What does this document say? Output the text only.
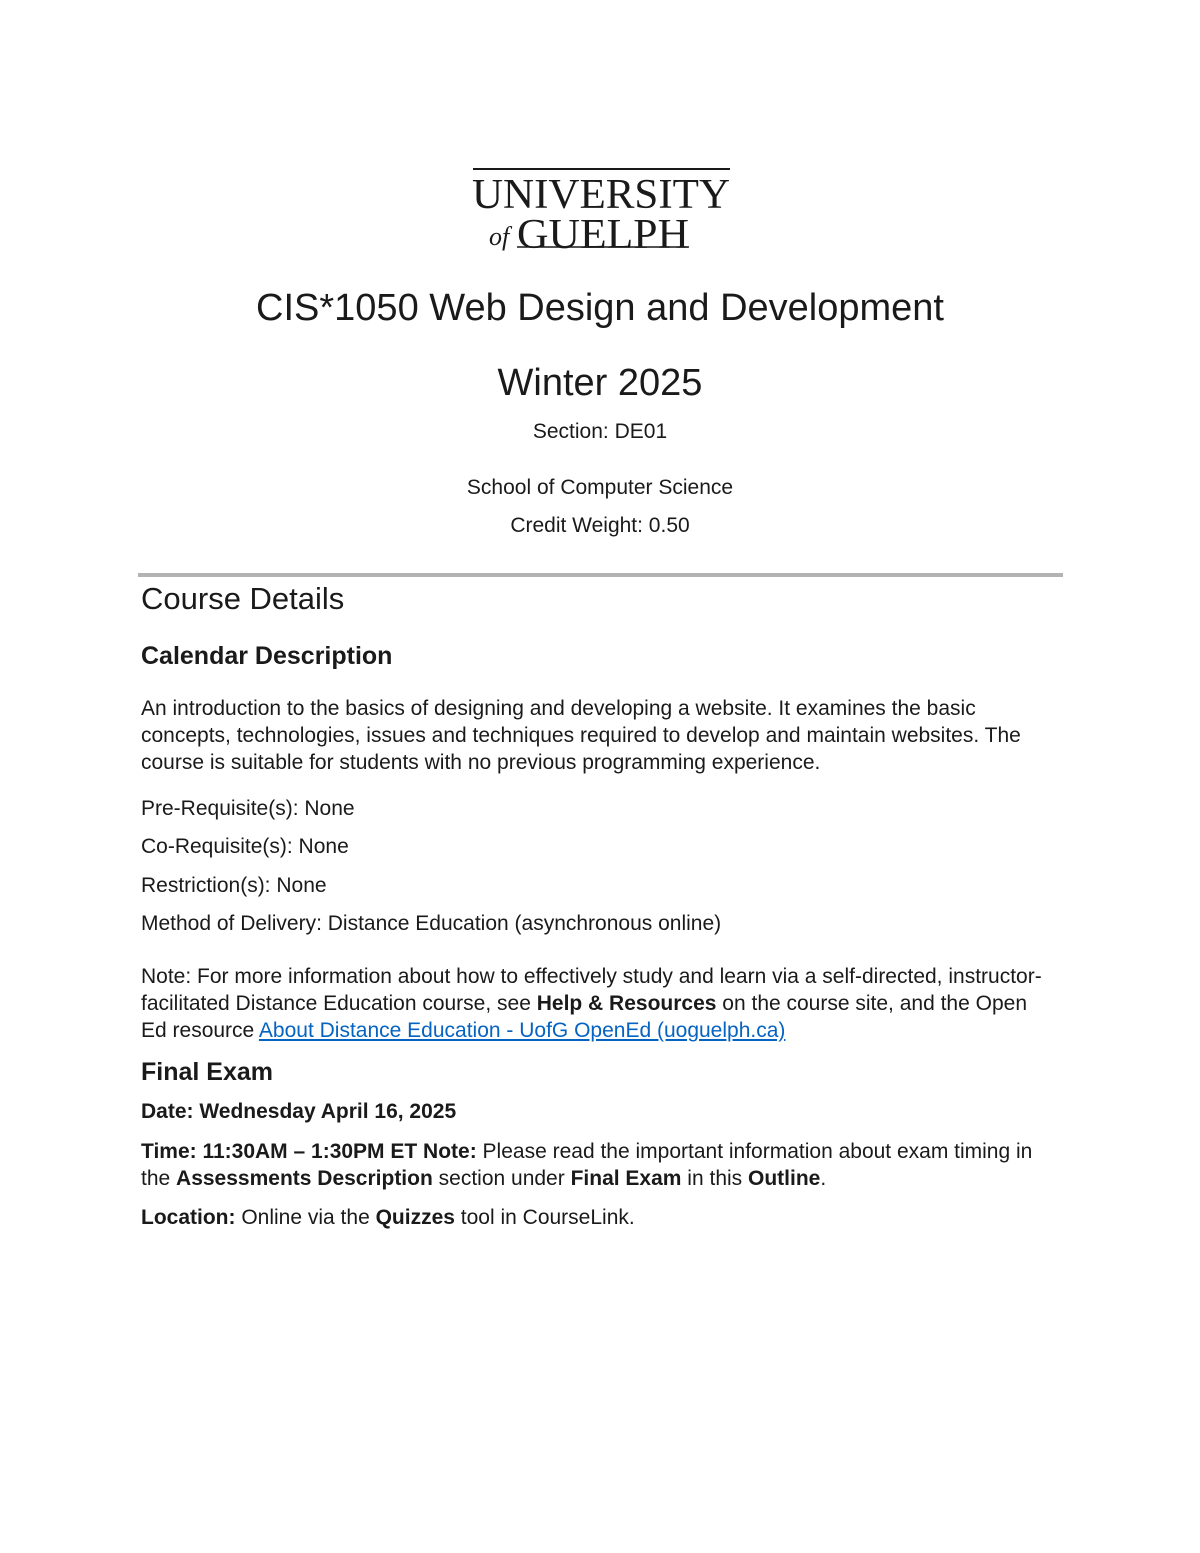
UNIVERSITY
of GUELPH
CIS*1050 Web Design and Development
Winter 2025
Section: DE01
School of Computer Science
Credit Weight: 0.50
Course Details
Calendar Description

An introduction to the basics of designing and developing a website. It examines the basic concepts, technologies, issues and techniques required to develop and maintain websites. The course is suitable for students with no previous programming experience.

Pre-Requisite(s): None

Co-Requisite(s): None

Restriction(s): None

Method of Delivery: Distance Education (asynchronous online)

Note: For more information about how to effectively study and learn via a self-directed, instructor-facilitated Distance Education course, see Help & Resources on the course site, and the Open Ed resource About Distance Education - UofG OpenEd (uoguelph.ca)

Final Exam

Date: Wednesday April 16, 2025

Time: 11:30AM – 1:30PM ET Note: Please read the important information about exam timing in the Assessments Description section under Final Exam in this Outline.

Location: Online via the Quizzes tool in CourseLink.
